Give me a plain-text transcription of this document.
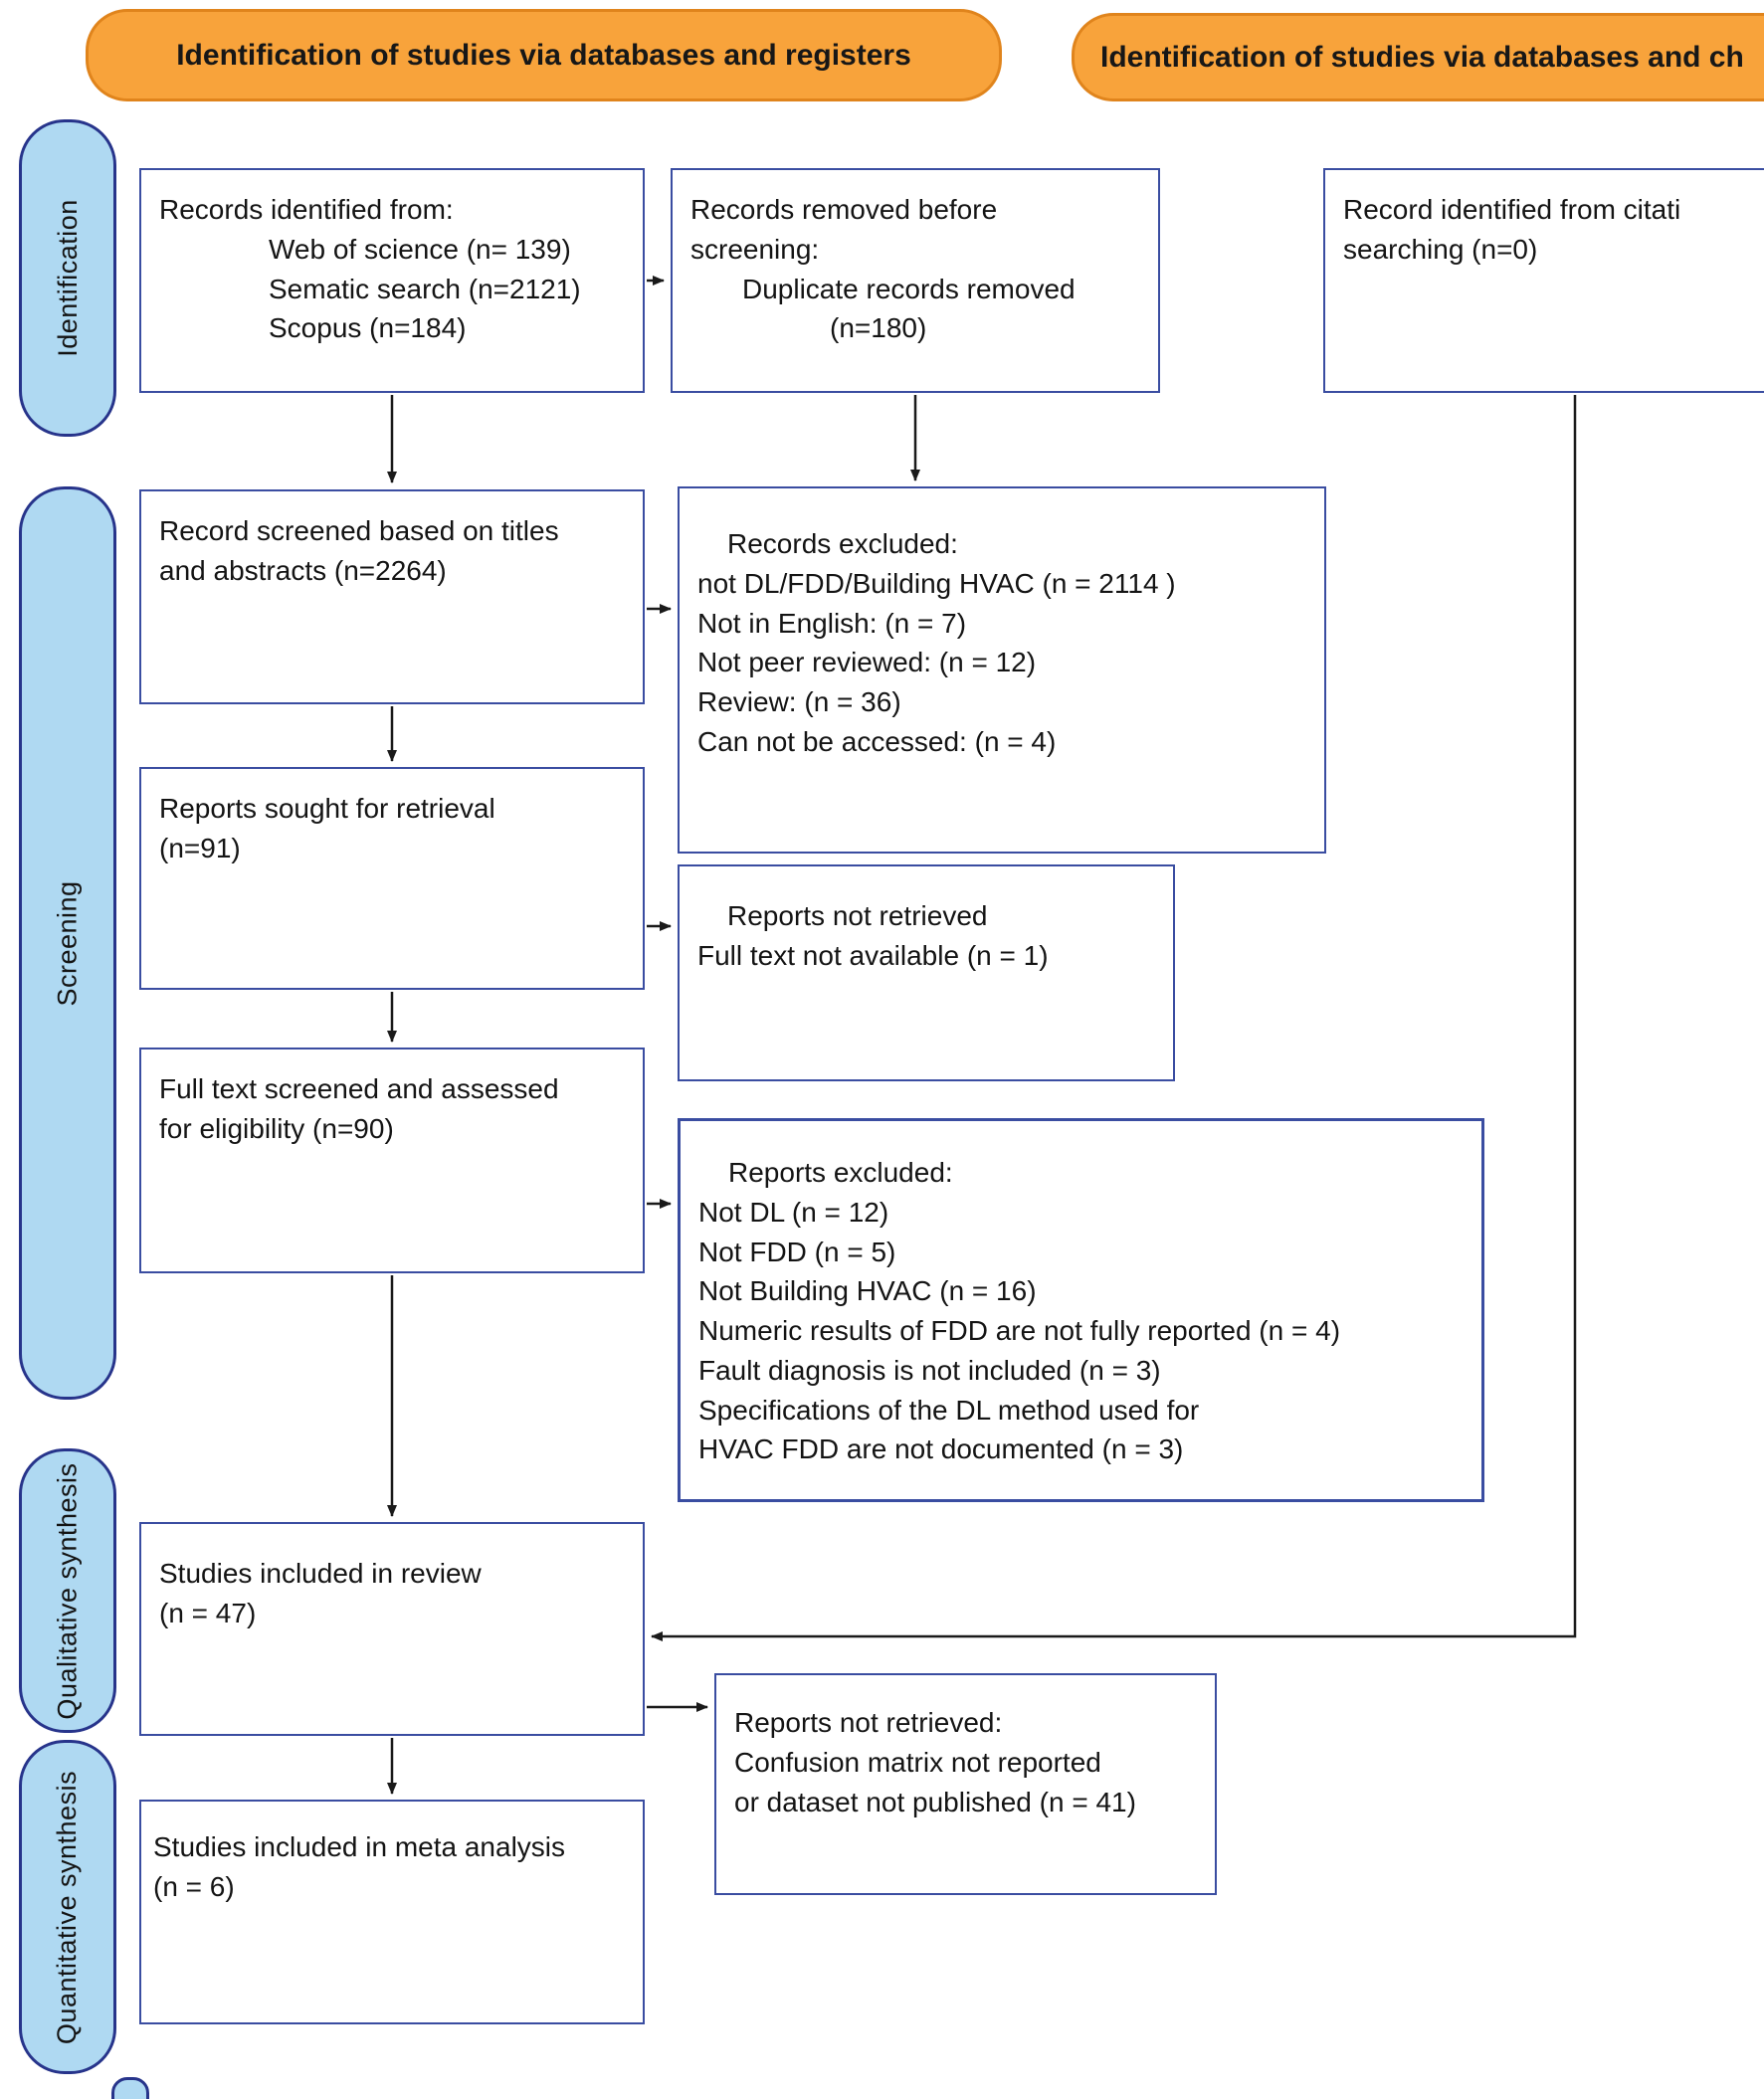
Identification of studies via databases and registers	Identification of studies via databases and ch
Identification
Screening
Qualitative synthesis
Quantitative synthesis
Records identified from:
Web of science (n= 139)
Sematic search (n=2121)
Scopus (n=184)
Records removed before
screening:
Duplicate records removed
(n=180)
Record identified from citati
searching (n=0)
Record screened based on titles
and abstracts (n=2264)
Records excluded:
not DL/FDD/Building HVAC (n = 2114 )
Not in English: (n = 7)
Not peer reviewed: (n = 12)
Review: (n = 36)
Can not be accessed: (n = 4)
Reports sought for retrieval
(n=91)
Reports not retrieved
Full text not available (n = 1)
Full text screened and assessed
for eligibility (n=90)
Reports excluded:
Not DL (n = 12)
Not FDD (n = 5)
Not Building HVAC (n = 16)
Numeric results of FDD are not fully reported (n = 4)
Fault diagnosis is not included (n = 3)
Specifications of the DL method used for
HVAC FDD are not documented (n = 3)
Studies included in review
(n = 47)
Reports not retrieved:
Confusion matrix not reported
or dataset not published (n = 41)
Studies included in meta analysis
(n = 6)
